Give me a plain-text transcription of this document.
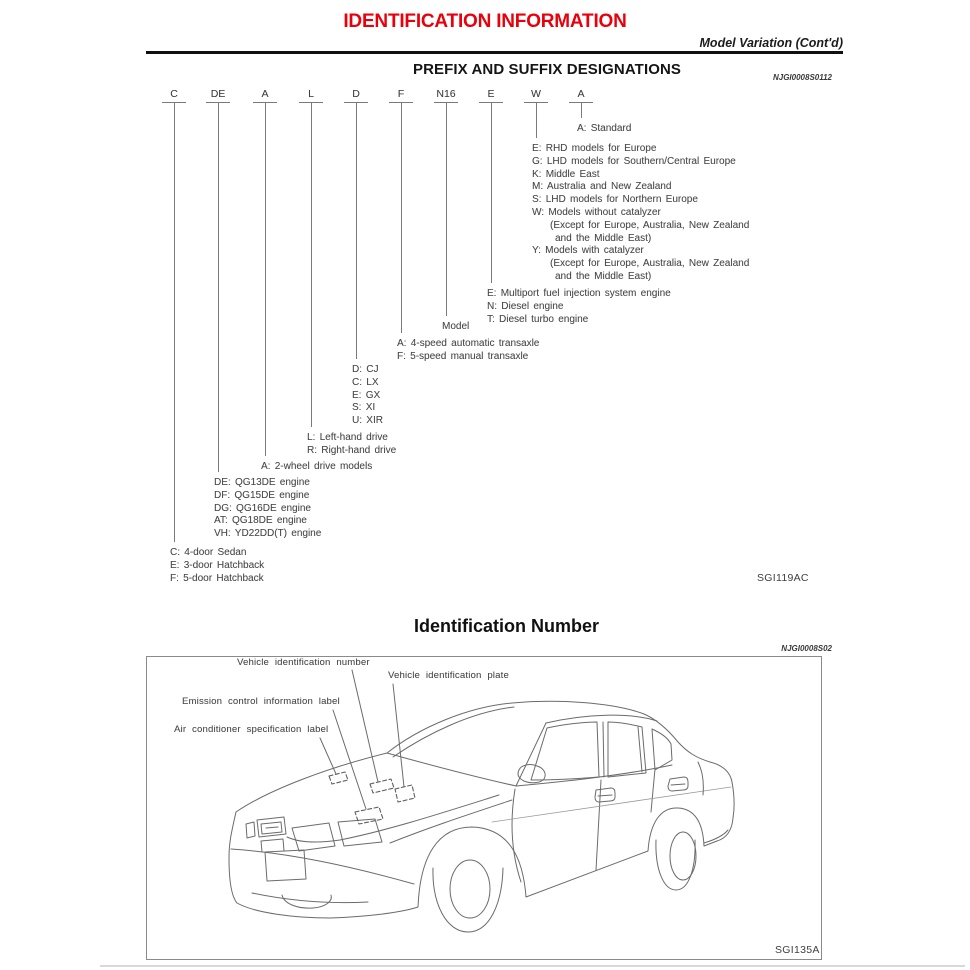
IDENTIFICATION INFORMATION
Model Variation (Cont'd)
PREFIX AND SUFFIX DESIGNATIONS	NJGI0008S0112
C
C: 4-door Sedan
E: 3-door Hatchback
F: 5-door Hatchback
DE
DE: QG13DE engine
DF: QG15DE engine
DG: QG16DE engine
AT: QG18DE engine
VH: YD22DD(T) engine
A
A: 2-wheel drive models
L
L: Left-hand drive
R: Right-hand drive
D
D: CJ
C: LX
E: GX
S: XI
U: XIR
F
A: 4-speed automatic transaxle
F: 5-speed manual transaxle
N16
Model
E
E: Multiport fuel injection system engine
N: Diesel engine
T: Diesel turbo engine
W
E: RHD models for Europe
G: LHD models for Southern/Central Europe
K: Middle East
M: Australia and New Zealand
S: LHD models for Northern Europe
W: Models without catalyzer
(Except for Europe, Australia, New Zealand
and the Middle East)
Y: Models with catalyzer
(Except for Europe, Australia, New Zealand
and the Middle East)
A
A: Standard
SGI119AC
Identification Number
NJGI0008S02
Vehicle identification number
Vehicle identification plate
Emission control information label
Air conditioner specification label
SGI135A
